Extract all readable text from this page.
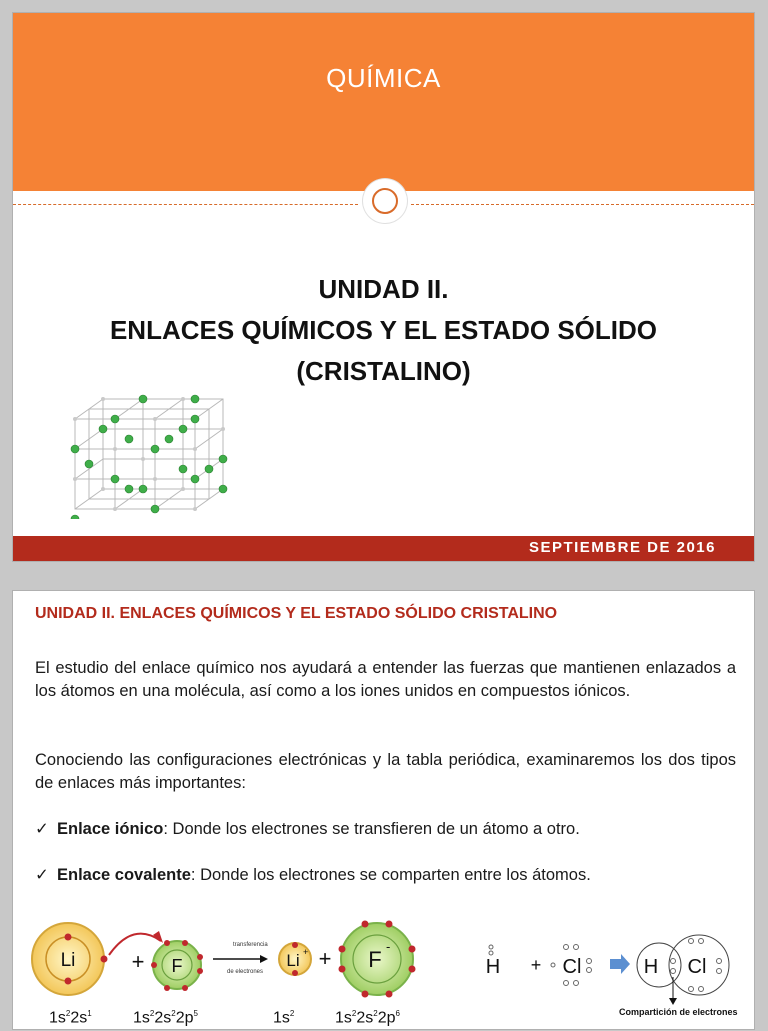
QUÍMICA
UNIDAD II.
ENLACES QUÍMICOS Y EL ESTADO SÓLIDO
(CRISTALINO)
SEPTIEMBRE DE 2016
UNIDAD II. ENLACES QUÍMICOS Y EL ESTADO SÓLIDO CRISTALINO
El estudio del enlace químico nos ayudará a entender las fuerzas que mantienen enlazados a los átomos en una molécula, así como a los iones unidos en compuestos iónicos.
Conociendo las configuraciones electrónicas y la tabla periódica, examinaremos los dos tipos de enlaces más importantes:
✓ Enlace iónico: Donde los electrones se transfieren de un átomo a otro.
✓ Enlace covalente: Donde los electrones se comparten entre los átomos.
Li	+ F
transferencia
de electrones
Li + + F
-
H + Cl	H Cl
Compartición de electrones
$1s^22s^1$	$1s^22s^22p^5$	$1s^2$	$1s^22s^22p^6$
